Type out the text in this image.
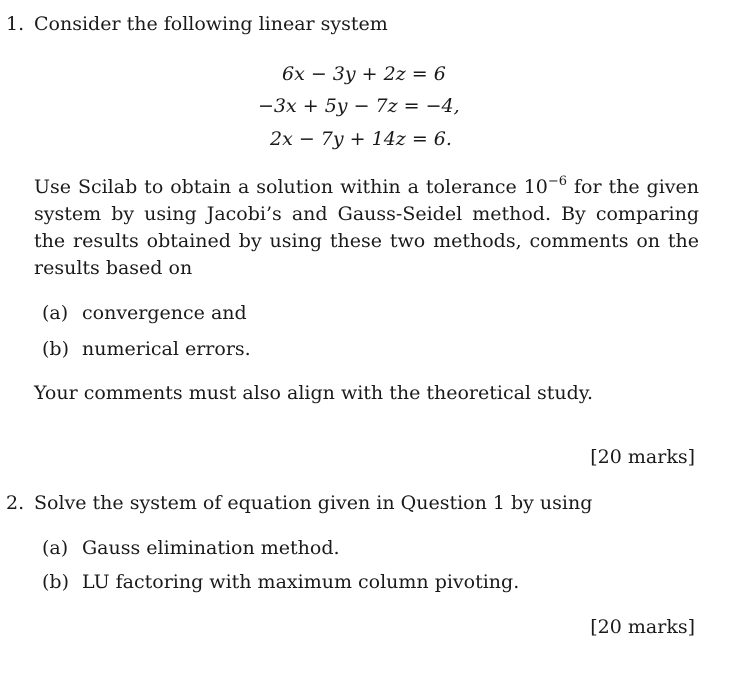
1. Consider the following linear system
6x − 3y + 2z = 6
−3x + 5y − 7z = −4,
2x − 7y + 14z = 6.
Use Scilab to obtain a solution within a tolerance $10^{-6}$ for the given system by using Jacobi’s and Gauss-Seidel method. By comparing the results obtained by using these two methods, comments on the results based on
(a) convergence and
(b) numerical errors.
Your comments must also align with the theoretical study.
[20 marks]
2. Solve the system of equation given in Question 1 by using
(a) Gauss elimination method.
(b) LU factoring with maximum column pivoting.
[20 marks]
